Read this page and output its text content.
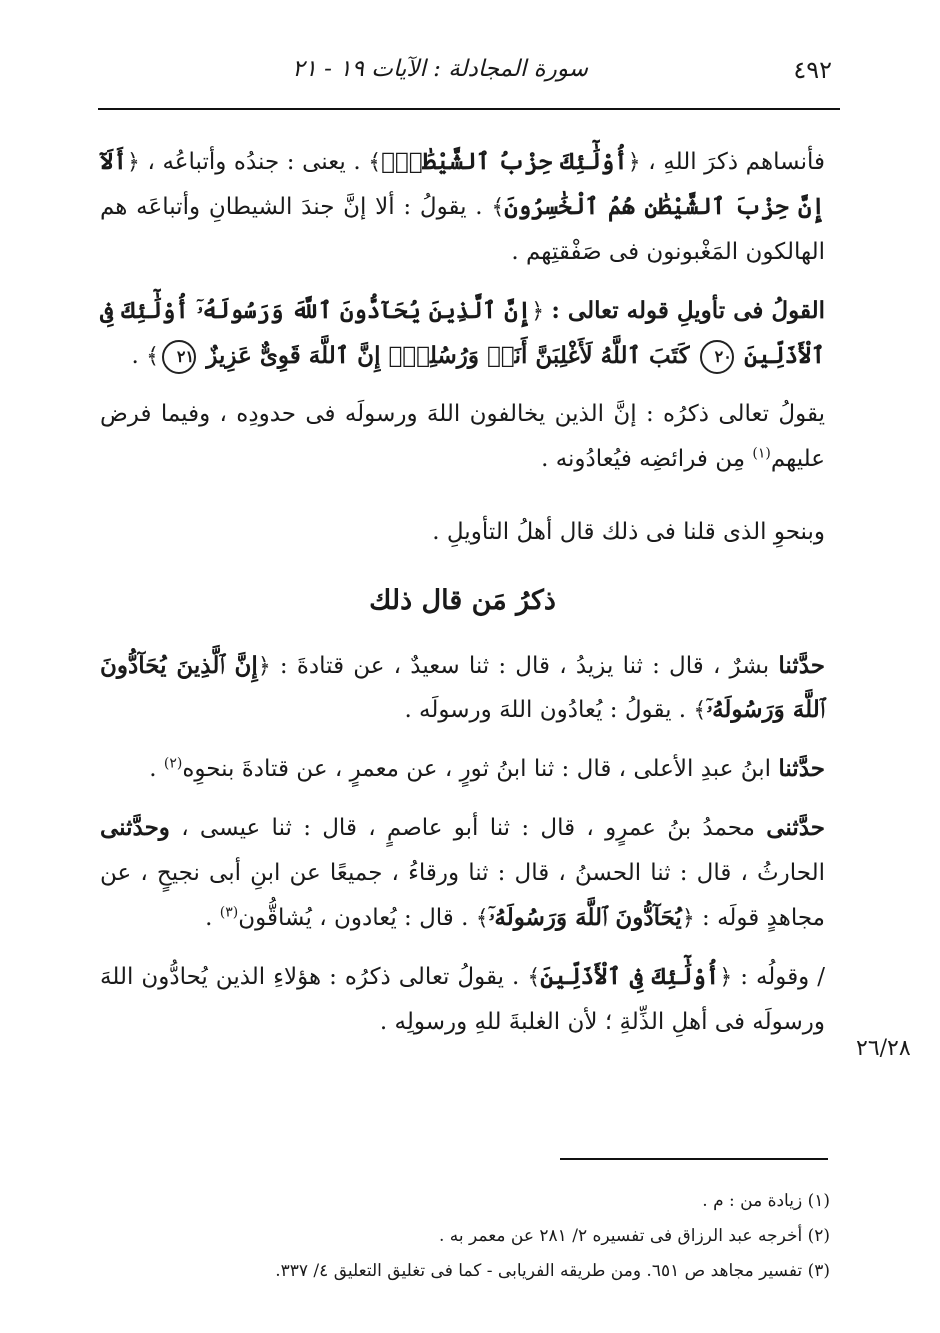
٤٩٢
سورة المجادلة : الآيات ١٩ - ٢١
٢٦/٢٨

فأنساهم ذكرَ اللهِ ، ﴿أُوْلَٰٓئِكَ حِزْبُ ٱلشَّيْطَٰنِۚ﴾ . يعنى : جندُه وأتباعُه ، ﴿أَلَآ إِنَّ حِزْبَ ٱلشَّيْطَٰنِ هُمُ ٱلْخَٰسِرُونَ﴾ . يقولُ : ألا إنَّ جندَ الشيطانِ وأتباعَه هم الهالكون المَغْبونون فى صَفْقتِهم .

القولُ فى تأويلِ قوله تعالى : ﴿إِنَّ ٱلَّذِينَ يُحَآدُّونَ ٱللَّهَ وَرَسُولَهُۥٓ أُوْلَٰٓئِكَ فِى ٱلْأَذَلِّينَ ٢٠ كَتَبَ ٱللَّهُ لَأَغْلِبَنَّ أَنَا۠ وَرُسُلِىٓۚ إِنَّ ٱللَّهَ قَوِىٌّ عَزِيزٌ ٢١﴾ .

يقولُ تعالى ذكرُه : إنَّ الذين يخالفون اللهَ ورسولَه فى حدودِه ، وفيما فرض عليهم$^{(١)}$ مِن فرائضِه فيُعادُونه .

وبنحوِ الذى قلنا فى ذلك قال أهلُ التأويلِ .

ذكرُ مَن قال ذلك

حدَّثنا بشرٌ ، قال : ثنا يزيدُ ، قال : ثنا سعيدٌ ، عن قتادةَ : ﴿إِنَّ ٱلَّذِينَ يُحَآدُّونَ ٱللَّهَ وَرَسُولَهُۥٓ﴾ . يقولُ : يُعادُون اللهَ ورسولَه .

حدَّثنا ابنُ عبدِ الأعلى ، قال : ثنا ابنُ ثورٍ ، عن معمرٍ ، عن قتادةَ بنحوِه$^{(٢)}$ .

حدَّثنى محمدُ بنُ عمرٍو ، قال : ثنا أبو عاصمٍ ، قال : ثنا عيسى ، وحدَّثنى الحارثُ ، قال : ثنا الحسنُ ، قال : ثنا ورقاءُ ، جميعًا عن ابنِ أبى نجيحٍ ، عن مجاهدٍ قولَه : ﴿يُحَآدُّونَ ٱللَّهَ وَرَسُولَهُۥٓ﴾ . قال : يُعادون ، يُشاقُّون$^{(٣)}$ .

/ وقولُه : ﴿أُوْلَٰٓئِكَ فِى ٱلْأَذَلِّينَ﴾ . يقولُ تعالى ذكرُه : هؤلاءِ الذين يُحادُّون اللهَ ورسولَه فى أهلِ الذِّلةِ ؛ لأن الغلبةَ للهِ ورسولِه .

(١) زيادة من : م .

(٢) أخرجه عبد الرزاق فى تفسيره ٢/ ٢٨١ عن معمر به .

(٣) تفسير مجاهد ص ٦٥١. ومن طريقه الفريابى - كما فى تغليق التعليق ٤/ ٣٣٧.
